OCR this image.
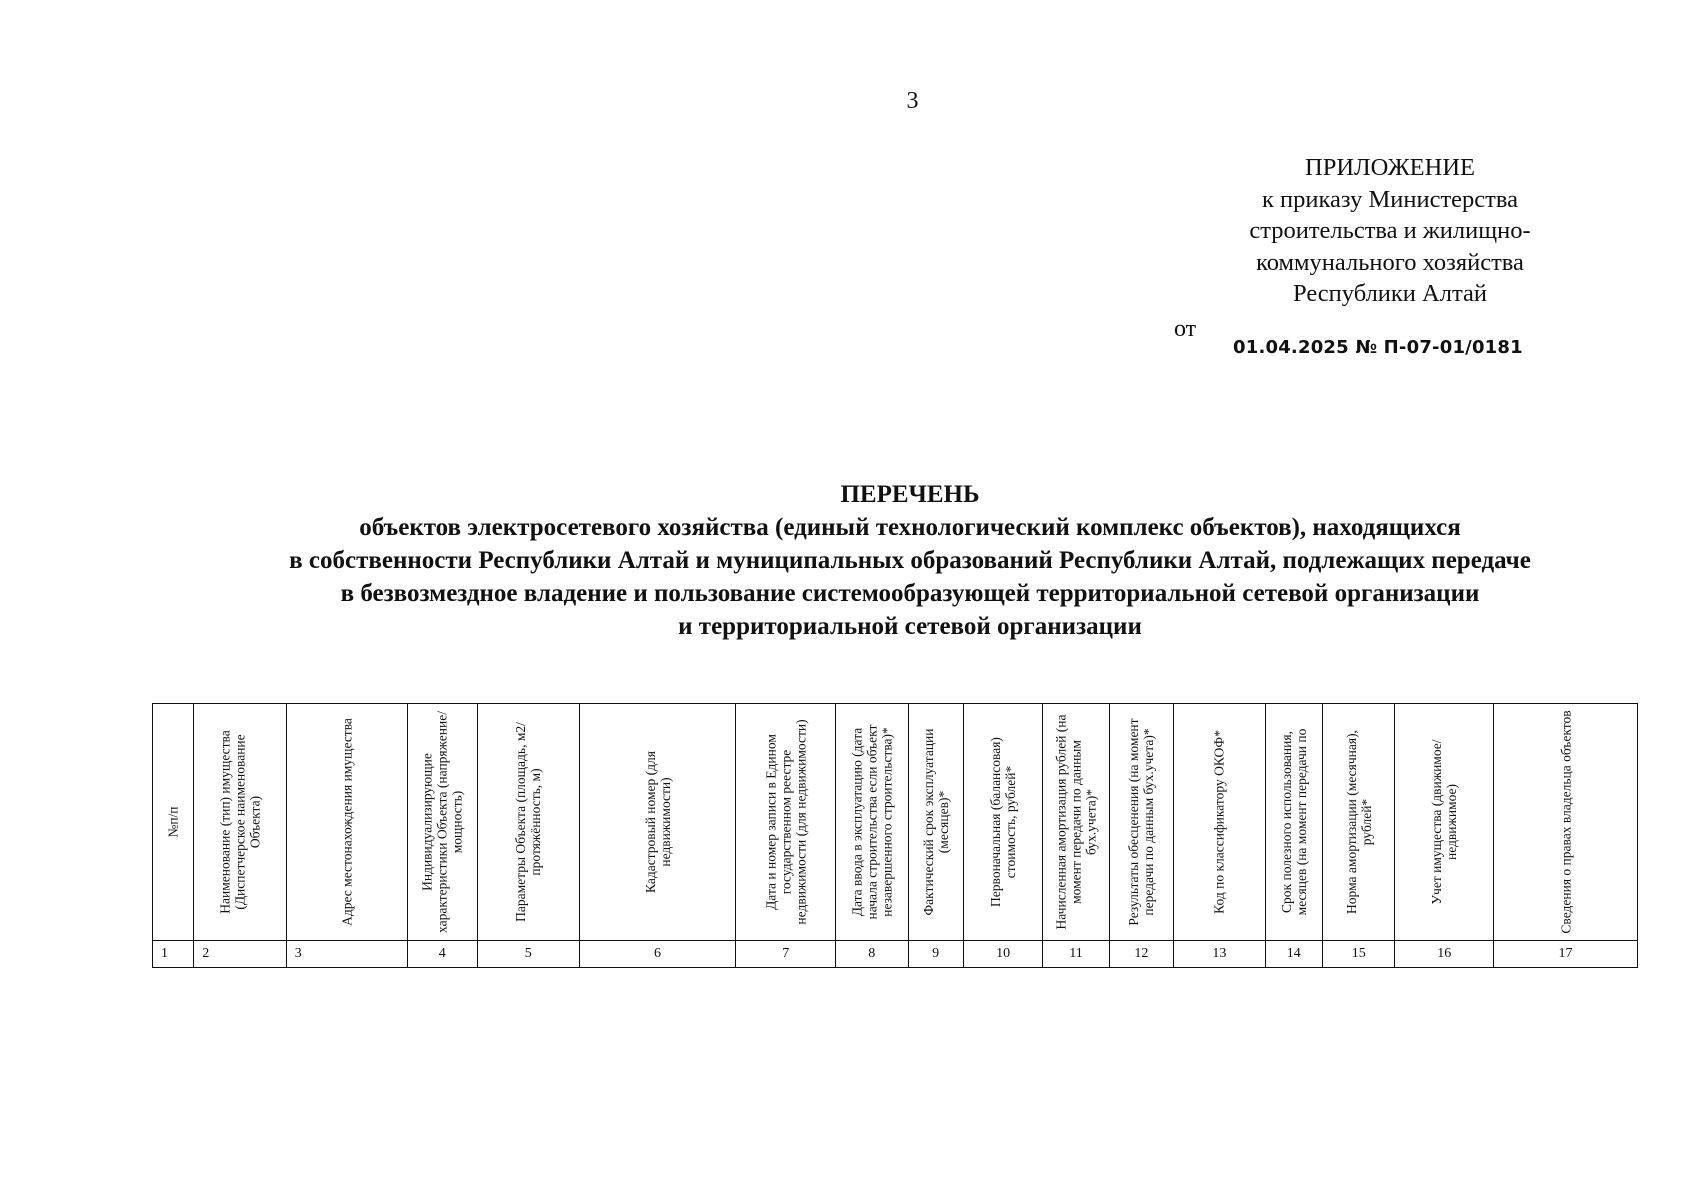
3
ПРИЛОЖЕНИЕ
к приказу Министерства
строительства и жилищно-
коммунального хозяйства
Республики Алтай
от
01.04.2025 № П-07-01/0181
ПЕРЕЧЕНЬ
объектов электросетевого хозяйства (единый технологический комплекс объектов), находящихся
в собственности Республики Алтай и муниципальных образований Республики Алтай, подлежащих передаче
в безвозмездное владение и пользование системообразующей территориальной сетевой организации
и территориальной сетевой организации
№п/п	Наименование (тип) имущества (Диспетчерское наименование Объекта)	Адрес местонахождения имущества	Индивидуализирующие характеристики Объекта (напряжение/ мощность)	Параметры Объекта (площадь, м2/ протяжённость, м)	Кадастровый номер (для недвижимости)	Дата и номер записи в Едином государственном реестре недвижимости (для недвижимости)	Дата ввода в эксплуатацию (дата начала строительства если объект незавершенного строительства)*	Фактический срок эксплуатации (месяцев)*	Первоначальная (балансовая) стоимость, рублей*	Начисленная амортизация рублей (на момент передачи по данным бух.учета)*	Результаты обесценения (на момент передачи по данным бух.учета)*	Код по классификатору ОКОФ*	Срок полезного использования, месяцев (на момент передачи по	Норма амортизации (месячная), рублей*	Учет имущества (движимое/недвижимое)	Сведения о правах владельца объектов

1	2	3	4	5	6	7	8	9	10	11	12	13	14	15	16	17
